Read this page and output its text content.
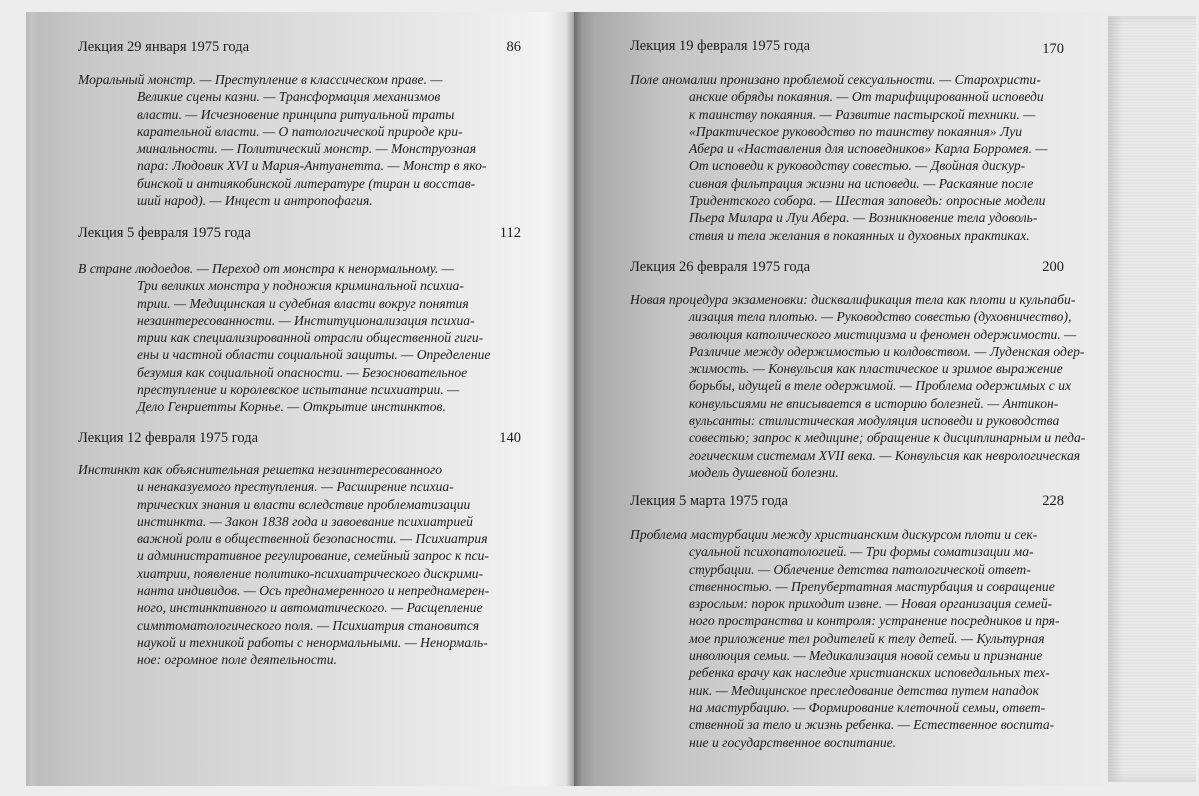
Лекция 29 января 1975 года	86
Моральный монстр. — Преступление в классическом праве. —
Великие сцены казни. — Трансформация механизмов
власти. — Исчезновение принципа ритуальной траты
карательной власти. — О патологической природе кри-
минальности. — Политический монстр. — Монструозная
пара: Людовик XVI и Мария-Антуанетта. — Монстр в яко-
бинской и антиякобинской литературе (тиран и восстав-
ший народ). — Инцест и антропофагия.
Лекция 5 февраля 1975 года	112
В стране людоедов. — Переход от монстра к ненормальному. —
Три великих монстра у подножия криминальной психиа-
трии. — Медицинская и судебная власти вокруг понятия
незаинтересованности. — Институционализация психиа-
трии как специализированной отрасли общественной гиги-
ены и частной области социальной защиты. — Определение
безумия как социальной опасности. — Безосновательное
преступление и королевское испытание психиатрии. —
Дело Генриетты Корнье. — Открытие инстинктов.
Лекция 12 февраля 1975 года	140
Инстинкт как объяснительная решетка незаинтересованного
и ненаказуемого преступления. — Расширение психиа-
трических знания и власти вследствие проблематизации
инстинкта. — Закон 1838 года и завоевание психиатрией
важной роли в общественной безопасности. — Психиатрия
и административное регулирование, семейный запрос к пси-
хиатрии, появление политико-психиатрического дискрими-
нанта индивидов. — Ось преднамеренного и непреднамерен-
ного, инстинктивного и автоматического. — Расщепление
симптоматологического поля. — Психиатрия становится
наукой и техникой работы с ненормальными. — Ненормаль-
ное: огромное поле деятельности.
Лекция 19 февраля 1975 года	170
Поле аномалии пронизано проблемой сексуальности. — Старохристи-
анские обряды покаяния. — От тарифицированной исповеди
к таинству покаяния. — Развитие пастырской техники. —
«Практическое руководство по таинству покаяния» Луи
Абера и «Наставления для исповедников» Карла Борромея. —
От исповеди к руководству совестью. — Двойная дискур-
сивная фильтрация жизни на исповеди. — Раскаяние после
Тридентского собора. — Шестая заповедь: опросные модели
Пьера Милара и Луи Абера. — Возникновение тела удоволь-
ствия и тела желания в покаянных и духовных практиках.
Лекция 26 февраля 1975 года	200
Новая процедура экзаменовки: дисквалификация тела как плоти и кульпаби-
лизация тела плотью. — Руководство совестью (духовничество),
эволюция католического мистицизма и феномен одержимости. —
Различие между одержимостью и колдовством. — Луденская одер-
жимость. — Конвульсия как пластическое и зримое выражение
борьбы, идущей в теле одержимой. — Проблема одержимых с их
конвульсиями не вписывается в историю болезней. — Антикон-
вульсанты: стилистическая модуляция исповеди и руководства
совестью; запрос к медицине; обращение к дисциплинарным и педа-
гогическим системам XVII века. — Конвульсия как неврологическая
модель душевной болезни.
Лекция 5 марта 1975 года	228
Проблема мастурбации между христианским дискурсом плоти и сек-
суальной психопатологией. — Три формы соматизации ма-
стурбации. — Облечение детства патологической ответ-
ственностью. — Препубертатная мастурбация и совращение
взрослым: порок приходит извне. — Новая организация семей-
ного пространства и контроля: устранение посредников и пря-
мое приложение тел родителей к телу детей. — Культурная
инволюция семьи. — Медикализация новой семьи и признание
ребенка врачу как наследие христианских исповедальных тех-
ник. — Медицинское преследование детства путем нападок
на мастурбацию. — Формирование клеточной семьи, ответ-
ственной за тело и жизнь ребенка. — Естественное воспита-
ние и государственное воспитание.
